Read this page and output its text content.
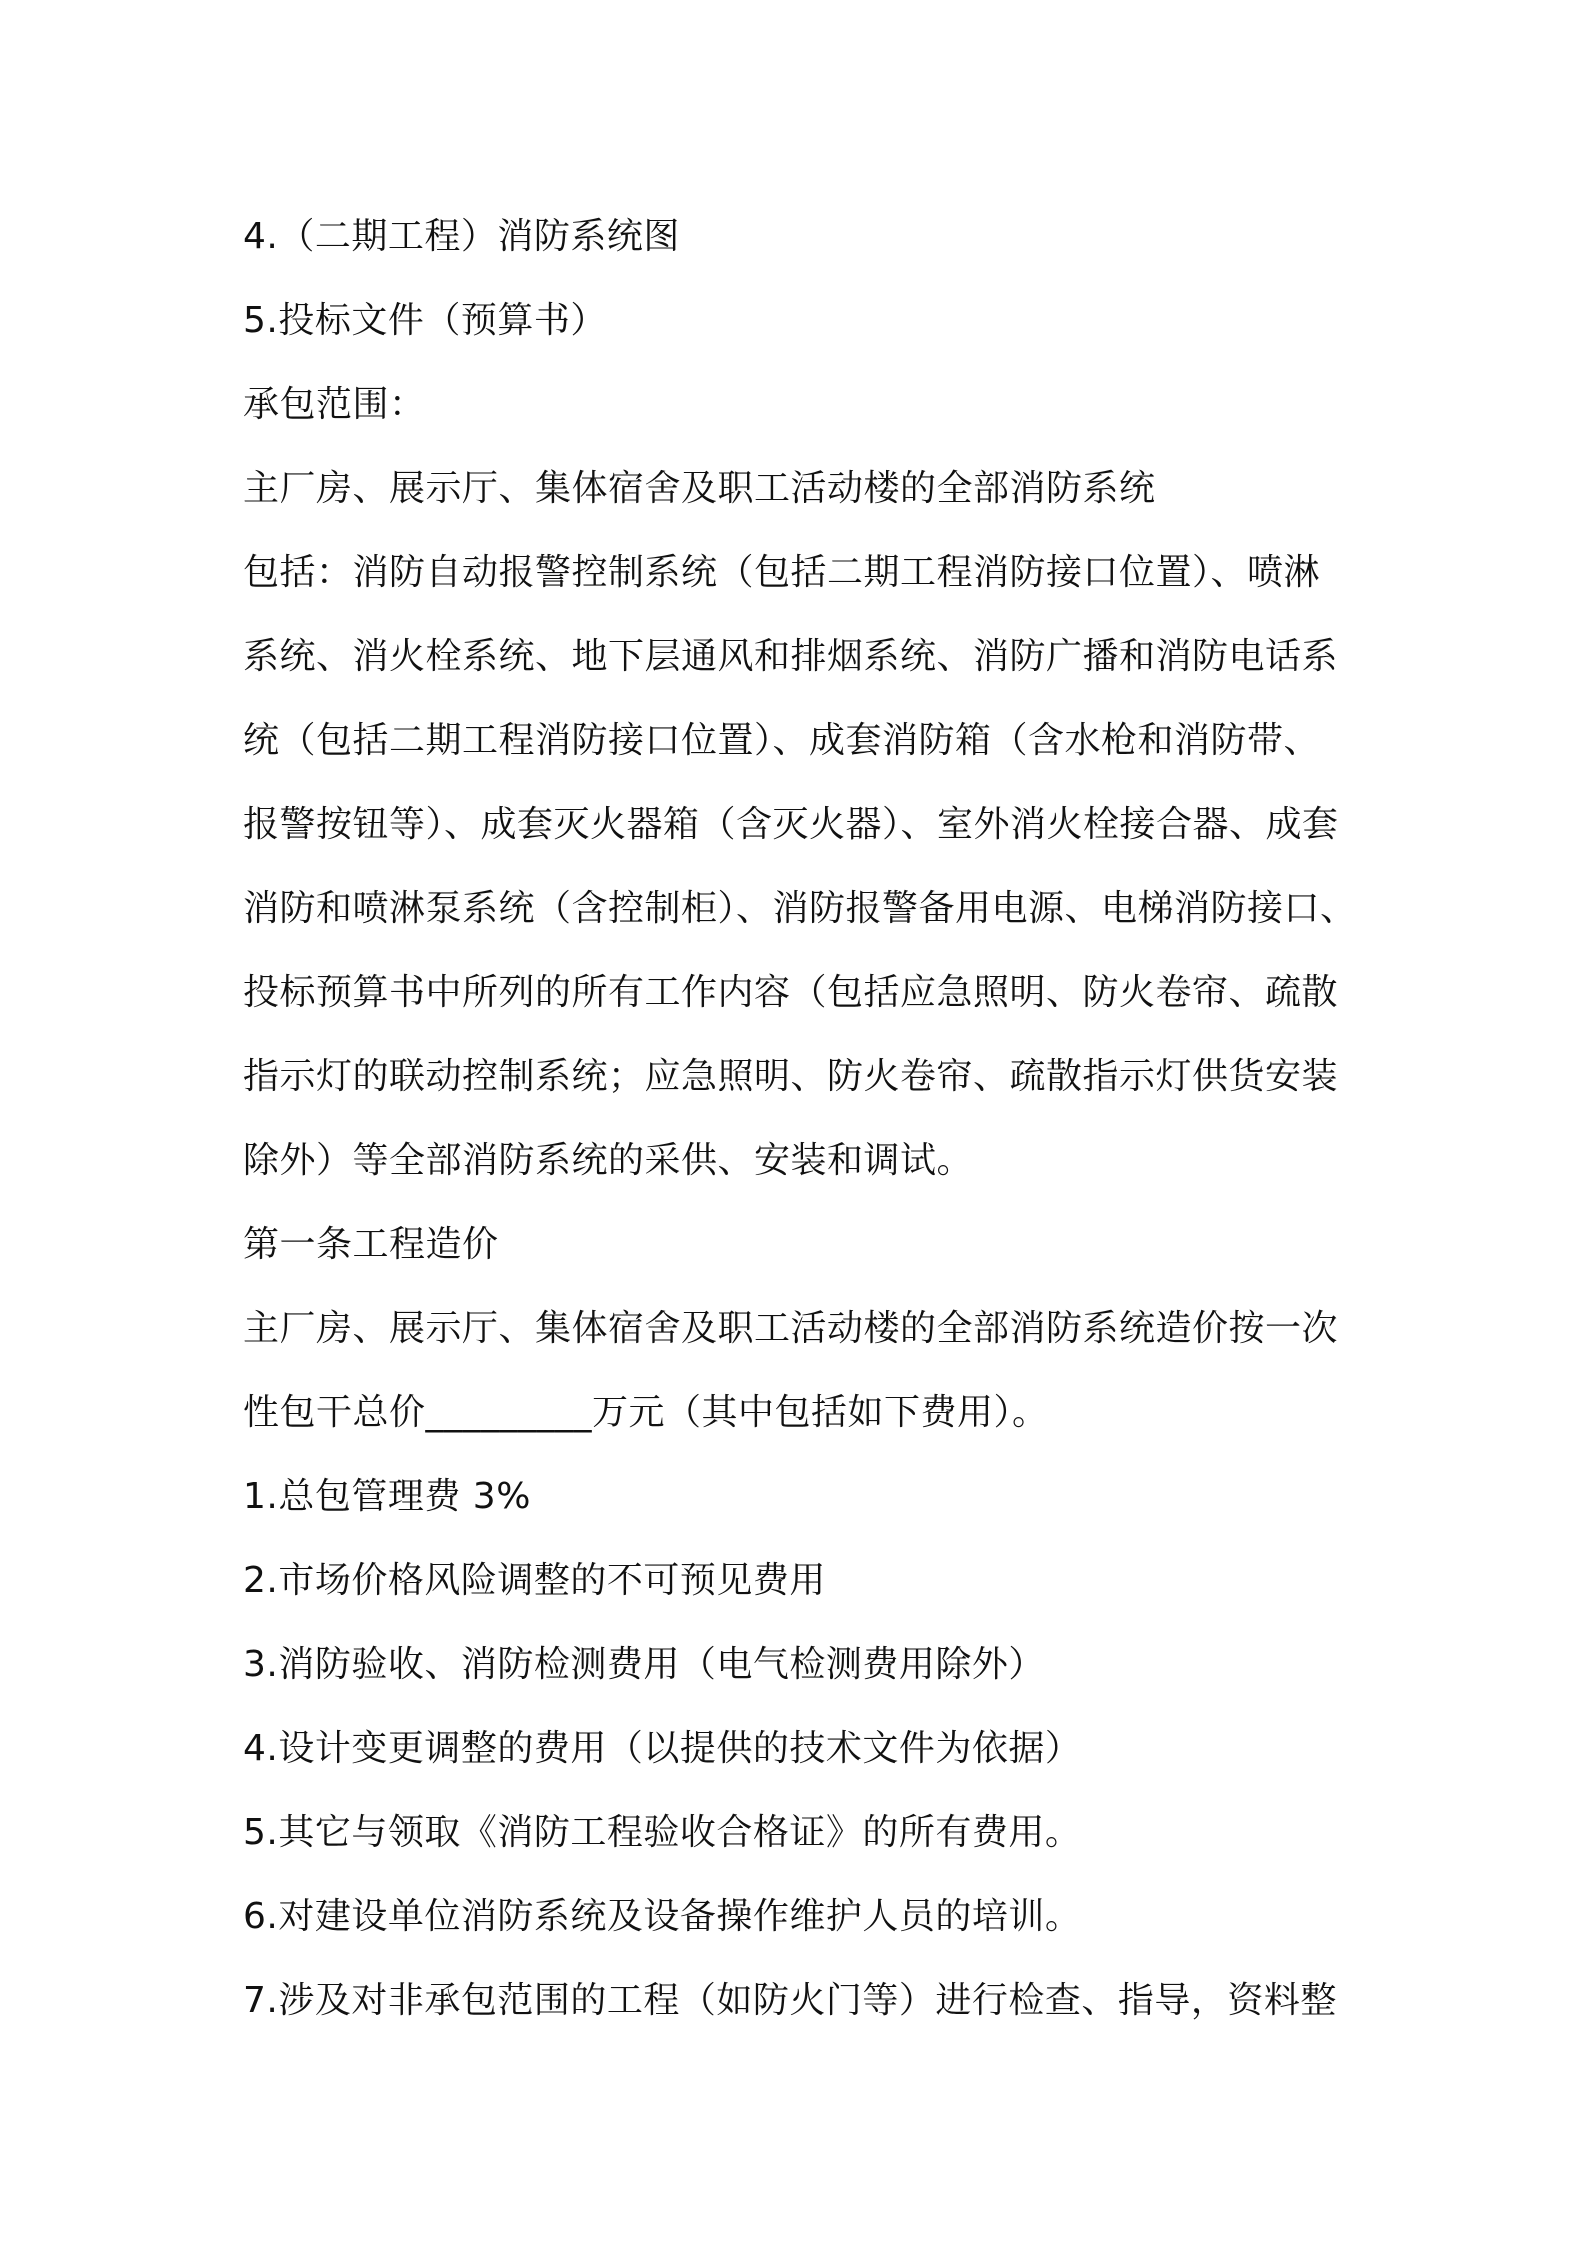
4.（二期工程）消防系统图
5.投标文件（预算书）
承包范围：
主厂房、展示厅、集体宿舍及职工活动楼的全部消防系统
包括：消防自动报警控制系统（包括二期工程消防接口位置）、喷淋
系统、消火栓系统、地下层通风和排烟系统、消防广播和消防电话系
统（包括二期工程消防接口位置）、成套消防箱（含水枪和消防带、
报警按钮等）、成套灭火器箱（含灭火器）、室外消火栓接合器、成套
消防和喷淋泵系统（含控制柜）、消防报警备用电源、电梯消防接口、
投标预算书中所列的所有工作内容（包括应急照明、防火卷帘、疏散
指示灯的联动控制系统；应急照明、防火卷帘、疏散指示灯供货安装
除外）等全部消防系统的采供、安装和调试。
第一条工程造价
主厂房、展示厅、集体宿舍及职工活动楼的全部消防系统造价按一次
性包干总价_________万元（其中包括如下费用）。
1.总包管理费 3%
2.市场价格风险调整的不可预见费用
3.消防验收、消防检测费用（电气检测费用除外）
4.设计变更调整的费用（以提供的技术文件为依据）
5.其它与领取《消防工程验收合格证》的所有费用。
6.对建设单位消防系统及设备操作维护人员的培训。
7.涉及对非承包范围的工程（如防火门等）进行检查、指导，资料整
